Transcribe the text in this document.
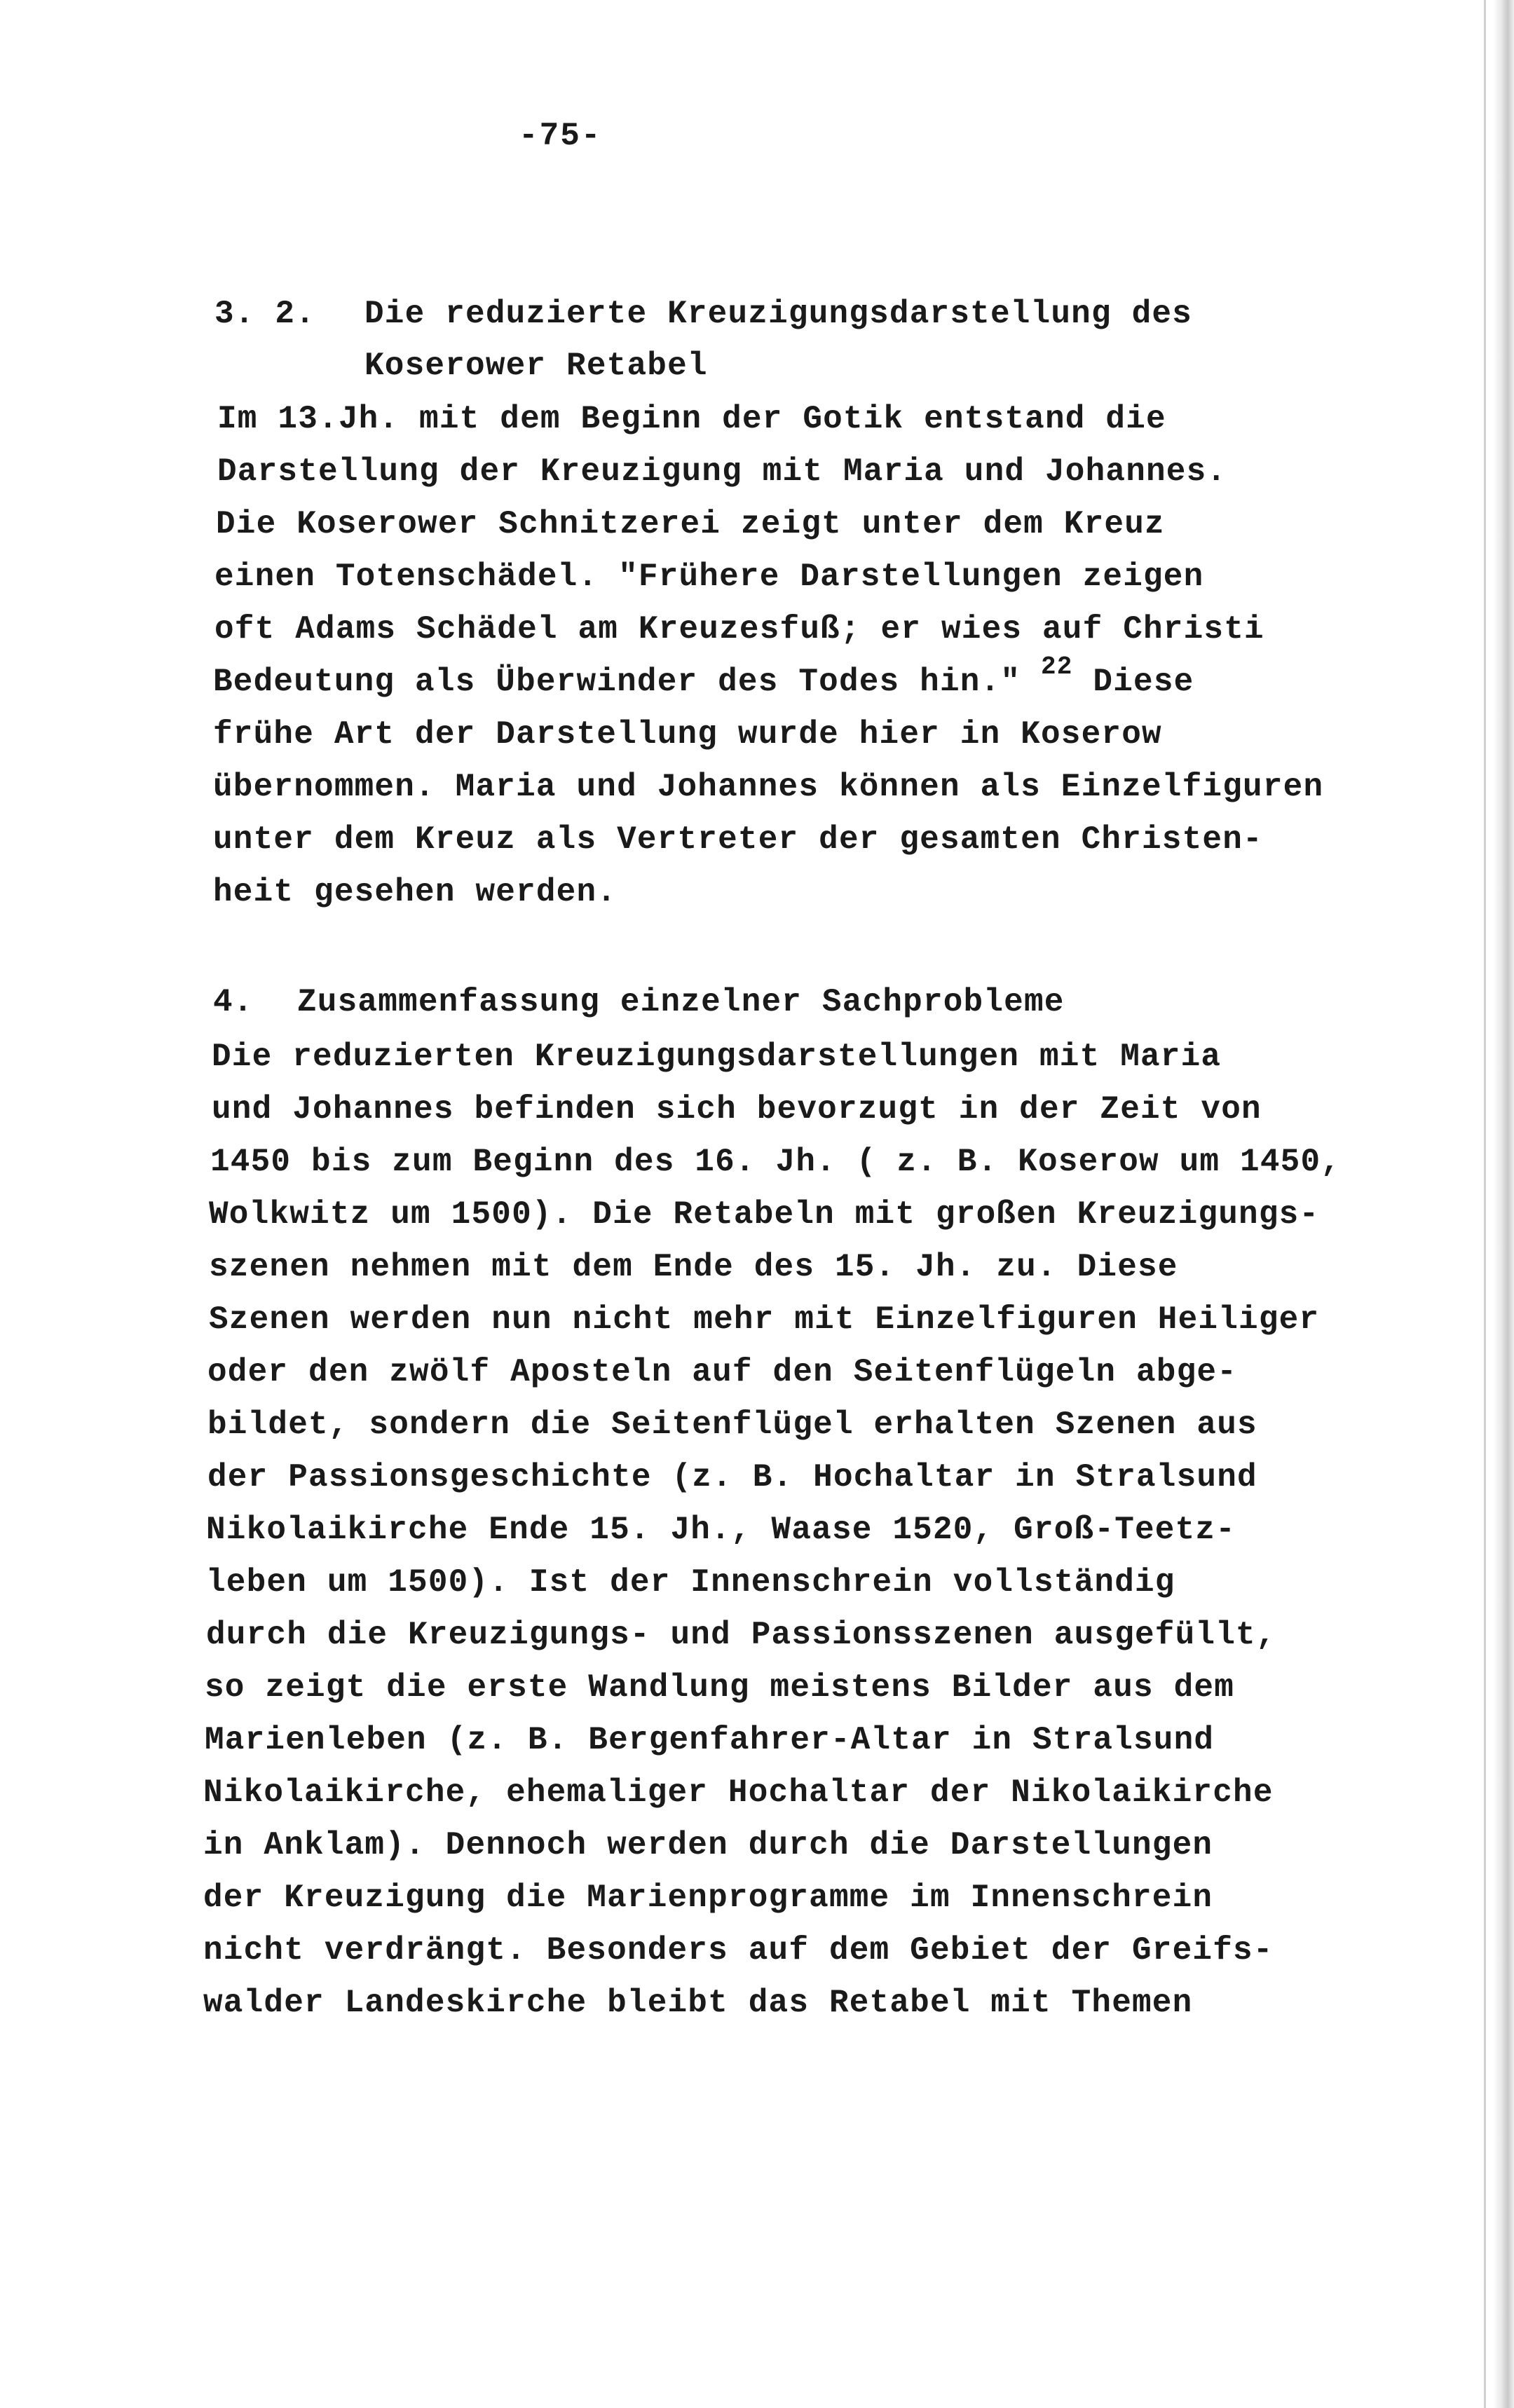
-75-
3. 2. Die reduzierte Kreuzigungsdarstellung des
Koserower Retabel
Im 13.Jh. mit dem Beginn der Gotik entstand die
Darstellung der Kreuzigung mit Maria und Johannes.
Die Koserower Schnitzerei zeigt unter dem Kreuz
einen Totenschädel. "Frühere Darstellungen zeigen
oft Adams Schädel am Kreuzesfuß; er wies auf Christi
Bedeutung als Überwinder des Todes hin." $^{22}$ Diese
frühe Art der Darstellung wurde hier in Koserow
übernommen. Maria und Johannes können als Einzelfiguren
unter dem Kreuz als Vertreter der gesamten Christen-
heit gesehen werden.
4. Zusammenfassung einzelner Sachprobleme
Die reduzierten Kreuzigungsdarstellungen mit Maria
und Johannes befinden sich bevorzugt in der Zeit von
1450 bis zum Beginn des 16. Jh. ( z. B. Koserow um 1450,
Wolkwitz um 1500). Die Retabeln mit großen Kreuzigungs-
szenen nehmen mit dem Ende des 15. Jh. zu. Diese
Szenen werden nun nicht mehr mit Einzelfiguren Heiliger
oder den zwölf Aposteln auf den Seitenflügeln abge-
bildet, sondern die Seitenflügel erhalten Szenen aus
der Passionsgeschichte (z. B. Hochaltar in Stralsund
Nikolaikirche Ende 15. Jh., Waase 1520, Groß-Teetz-
leben um 1500). Ist der Innenschrein vollständig
durch die Kreuzigungs- und Passionsszenen ausgefüllt,
so zeigt die erste Wandlung meistens Bilder aus dem
Marienleben (z. B. Bergenfahrer-Altar in Stralsund
Nikolaikirche, ehemaliger Hochaltar der Nikolaikirche
in Anklam). Dennoch werden durch die Darstellungen
der Kreuzigung die Marienprogramme im Innenschrein
nicht verdrängt. Besonders auf dem Gebiet der Greifs-
walder Landeskirche bleibt das Retabel mit Themen
